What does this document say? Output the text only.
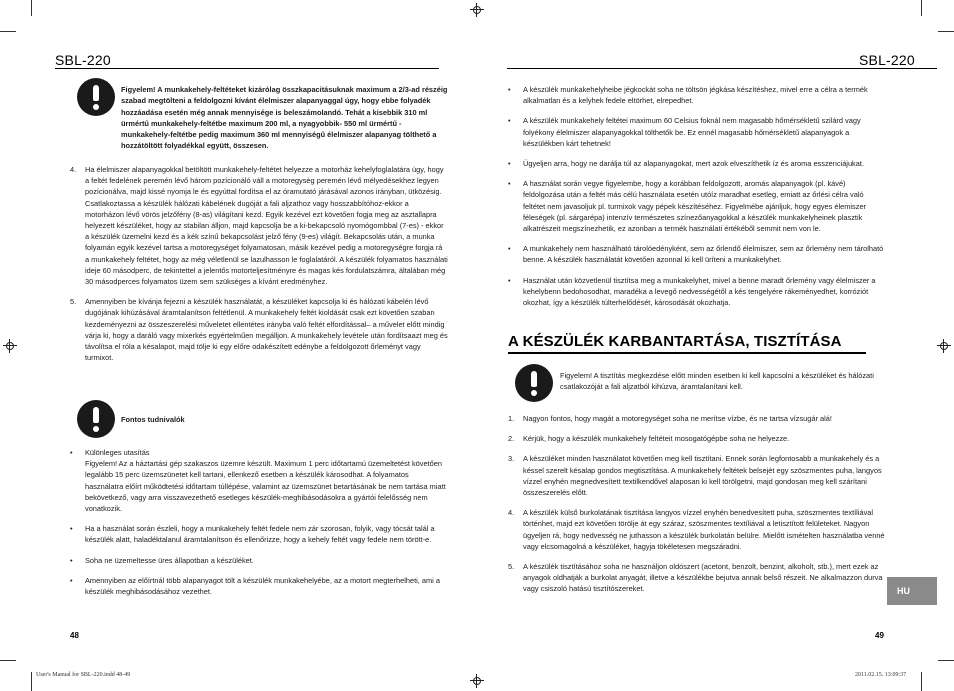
SBL-220
Figyelem! A munkakehely-feltéteket kizárólag összkapacitásuknak maximum a 2/3-ad részéig szabad megtölteni a feldolgozni kívánt élelmiszer alapanyaggal úgy, hogy ebbe folyadék hozzáadása esetén még annak mennyisége is beleszámolandó. Tehát a kisebbik 310 ml ürmértű munkakehely-feltétbe maximum 200 ml, a nyagyobbik- 550 ml ürmértű - munkakehely-feltétbe pedig maximum 360 ml mennyiségű élelmiszer alapanyag tölthető a hozzátöltött folyadékkal együtt, összesen.
4. Ha élelmiszer alapanyagokkal betöltött munkakehely-feltétet helyezze a motorház kehelyfoglalatára úgy, hogy a feltét fedelének peremén lévő három pozícionáló váll a motoregység peremén lévő mélyedésekhez legyen pozícionálva, majd kissé nyomja le és egyúttal fordítsa el az óramutató járásával azonos irányban, ütközésig. Csatlakoztassa a készülék hálózati kábelének dugóját a fali aljzathoz vagy hosszabbítóhoz-ekkor a motorházon lévő vörös jelzőfény (8-as) világítani kezd. Egyik kezével ezt követően fogja meg az asztallapra helyezett készüléket, hogy az stabilan álljon, majd kapcsolja be a ki-bekapcsoló nyomógombbal (7-es) - ekkor a készülék üzemelni kezd és a kék színű bekapcsolást jelző fény (9-es) világít. Bekapcsolás után, a munka folyamán egyik kezével tartsa a motoregységet folyamatosan, másik kezével pedig a motoregységre forgja rá a munkakehely feltétet, hogy az még véletlenül se lazulhasson le foglalatáról. A készülék folyamatos használati ideje 60 másodperc, de tekintettel a jelentős motorteljesítményre és magas kés fordulatszámra, általában még 30 másodperces folyamatos üzem sem szükséges a kívánt eredményhez.

5. Amennyiben be kívánja fejezni a készülék használatát, a készüléket kapcsolja ki és hálózati kábelén lévő dugójának kihúzásával áramtalanítson feltétlenül. A munkakehely feltét kioldását csak ezt követően szaban kezdeményezni az összeszerelési műveletet ellentétes irányba való feltét elfordítással– a művelet előtt mindig várja ki, hogy a daráló vagy mixerkés egyértelműen megálljon. A munkakehely levétele után fordítsaazt meg és távolítsa el róla a késalapot, majd tölje ki egy előre odakészített edénybe a feldolgozott őrleményt vagy turmixot.

Fontos tudnivalók

• Különleges utasítás

Figyelem! Az a háztartási gép szakaszos üzemre készült. Maximum 1 perc időtartamú üzemeltetést követően legalább 15 perc üzemszünetet kell tartani, ellenkező esetben a készülék károsodhat. A folyamatos használatra előírt működtetési időtartam túllépése, valamint az üzemszünet betartásának be nem tartása miatt bekövetkező, vagy arra visszavezethető esetleges készülék-meghibásodásokra a gyártói felelősség nem vonatkozik.

• Ha a használat során észleli, hogy a munkakehely feltét fedele nem zár szorosan, folyik, vagy tócsát talál a készülék alatt, haladéktalanul áramtalanítson és ellenőrizze, hogy a kehely feltét vagy fedele nem törött-e.

• Soha ne üzemeltesse üres állapotban a készüléket.

• Amennyiben az előírtnál több alapanyagot tölt a készülék munkakehelyébe, az a motort megterhelheti, ami a készülék meghibásodásához vezethet.

48
SBL-220

• A készülék munkakehelyheibe jégkockát soha ne töltsön jégkása készítéshez, mivel erre a célra a termék alkalmatlan és a kelyhek fedele eltörhet, elrepedhet.

• A készülék munkakehely feltétei maximum 60 Celsius foknál nem magasabb hőmérsékletű szilárd vagy folyékony élelmiszer alapanyagokkal tölthetők be. Ez ennél magasabb hőmérsékletű alapanyagok a készülékben kárt tehetnek!

• Ügyeljen arra, hogy ne darálja túl az alapanyagokat, mert azok elveszíthetik íz és aroma esszenciájukat.

• A használat során vegye figyelembe, hogy a korábban feldolgozott, aromás alapanyagok (pl. kávé) feldolgozása után a feltét más célú használata esetén utóíz maradhat esetleg, emiatt az őrlési célra való feltétet nem javasoljuk pl. turmixok vagy pépek készítéséhez. Figyelmébe ajánljuk, hogy egyes élemiszer féleségek (pl. sárgarépa) intenzív természetes színezőanyagokkal a készülék munkakelyheinek plasztik alkatrészeit megszínezhetik, ez azonban a termék használati értékéből semmit nem von le.

• A munkakehely nem használható tárolóedényként, sem az őrlendő élelmiszer, sem az őrlemény nem tárolható benne. A készülék használatát követően azonnal ki kell üríteni a munkakelyhet.

• Használat után közvetlenül tisztítsa meg a munkakelyhet, mivel a benne maradt őrlemény vagy élelmiszer a kehelybenn bedohosodhat, maradéka a levegő nedvességétől a kés tengelyére rákeményedhet, korróziót okozhat, így a készülék túlterhelődését, károsodását okozhatja.

A KÉSZÜLÉK KARBANTARTÁSA, TISZTÍTÁSA
Figyelem! A tisztítás megkezdése előtt minden esetben ki kell kapcsolni a készüléket és hálózati csatlakozóját a fali aljzatból kihúzva, áramtalanítani kell.
1. Nagyon fontos, hogy magát a motoregységet soha ne merítse vízbe, és ne tartsa vízsugár alá!

2. Kérjük, hogy a készülék munkakehely feltéteit mosogatógépbe soha ne helyezze.

3. A készüléket minden használatot követően meg kell tisztítani. Ennek során legfontosabb a munkakehely és a késsel szerelt késalap gondos megtisztítása. A munkakehely feltétek belsejét egy szöszmentes puha, langyos vízzel enyhén megnedvesített textilkendővel alaposan ki kell törölgetni, majd gondosan meg kell szárítani összeszerelés előtt.

4. A készülék külső burkolatának tisztítása langyos vízzel enyhén benedvesített puha, szöszmentes textíliával történhet, majd ezt követően törölje át egy száraz, szöszmentes textíliával a letisztított felületeket. Nagyon ügyeljen rá, hogy nedvesség ne juthasson a készülék burkolatán belülre. Mielőtt ismételten használatba venné vagy elcsomagolná a készüléket, hagyja tökéletesen megszáradni.

5. A készülék tisztításához soha ne használjon oldószert (acetont, benzolt, benzint, alkoholt, stb.), mert ezek az anyagok oldhatják a burkolat anyagát, illetve a készülékbe bejutva annak belső részeit. Ne alkalmazzon durva vagy csiszoló hatású tisztítószereket.	HU
49
User's Manual for SBL-220.indd 48-49	2011.02.15. 13:09:37
